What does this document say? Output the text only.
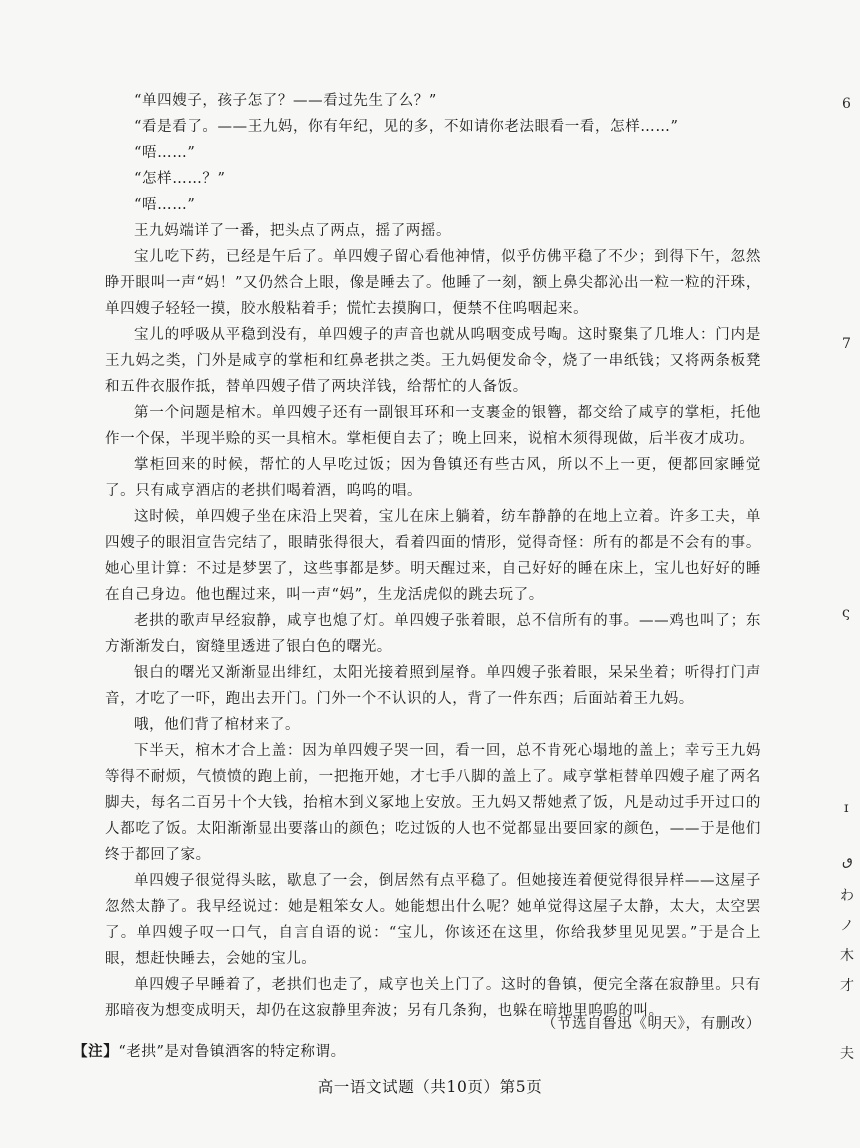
“单四嫂子，孩子怎了？——看过先生了么？”

“看是看了。——王九妈，你有年纪，见的多，不如请你老法眼看一看，怎样……”

“唔……”

“怎样……？”

“唔……”

王九妈端详了一番，把头点了两点，摇了两摇。

宝儿吃下药，已经是午后了。单四嫂子留心看他神情，似乎仿佛平稳了不少；到得下午，忽然睁开眼叫一声“妈！”又仍然合上眼，像是睡去了。他睡了一刻，额上鼻尖都沁出一粒一粒的汗珠，单四嫂子轻轻一摸，胶水般粘着手；慌忙去摸胸口，便禁不住呜咽起来。

宝儿的呼吸从平稳到没有，单四嫂子的声音也就从呜咽变成号啕。这时聚集了几堆人：门内是王九妈之类，门外是咸亨的掌柜和红鼻老拱之类。王九妈便发命令，烧了一串纸钱；又将两条板凳和五件衣服作抵，替单四嫂子借了两块洋钱，给帮忙的人备饭。

第一个问题是棺木。单四嫂子还有一副银耳环和一支裹金的银簪，都交给了咸亨的掌柜，托他作一个保，半现半赊的买一具棺木。掌柜便自去了；晚上回来，说棺木须得现做，后半夜才成功。

掌柜回来的时候，帮忙的人早吃过饭；因为鲁镇还有些古风，所以不上一更，便都回家睡觉了。只有咸亨酒店的老拱们喝着酒，呜呜的唱。

这时候，单四嫂子坐在床沿上哭着，宝儿在床上躺着，纺车静静的在地上立着。许多工夫，单四嫂子的眼泪宣告完结了，眼睛张得很大，看着四面的情形，觉得奇怪：所有的都是不会有的事。她心里计算：不过是梦罢了，这些事都是梦。明天醒过来，自己好好的睡在床上，宝儿也好好的睡在自己身边。他也醒过来，叫一声“妈”，生龙活虎似的跳去玩了。

老拱的歌声早经寂静，咸亨也熄了灯。单四嫂子张着眼，总不信所有的事。——鸡也叫了；东方渐渐发白，窗缝里透进了银白色的曙光。

银白的曙光又渐渐显出绯红，太阳光接着照到屋脊。单四嫂子张着眼，呆呆坐着；听得打门声音，才吃了一吓，跑出去开门。门外一个不认识的人，背了一件东西；后面站着王九妈。

哦，他们背了棺材来了。

下半天，棺木才合上盖：因为单四嫂子哭一回，看一回，总不肯死心塌地的盖上；幸亏王九妈等得不耐烦，气愤愤的跑上前，一把拖开她，才七手八脚的盖上了。咸亨掌柜替单四嫂子雇了两名脚夫，每名二百另十个大钱，抬棺木到义冢地上安放。王九妈又帮她煮了饭，凡是动过手开过口的人都吃了饭。太阳渐渐显出要落山的颜色；吃过饭的人也不觉都显出要回家的颜色，——于是他们终于都回了家。

单四嫂子很觉得头眩，歇息了一会，倒居然有点平稳了。但她接连着便觉得很异样——这屋子忽然太静了。我早经说过：她是粗笨女人。她能想出什么呢？她单觉得这屋子太静，太大，太空罢了。单四嫂子叹一口气，自言自语的说：“宝儿，你该还在这里，你给我梦里见见罢。”于是合上眼，想赶快睡去，会她的宝儿。

单四嫂子早睡着了，老拱们也走了，咸亨也关上门了。这时的鲁镇，便完全落在寂静里。只有那暗夜为想变成明天，却仍在这寂静里奔波；另有几条狗，也躲在暗地里呜呜的叫。

（节选自鲁迅《明天》，有删改）
【注】“老拱”是对鲁镇酒客的特定称谓。
高一语文试题（共10页）第5页
6
7
ς
ɪ
ٯ
わ
ノ
木
才
夫
